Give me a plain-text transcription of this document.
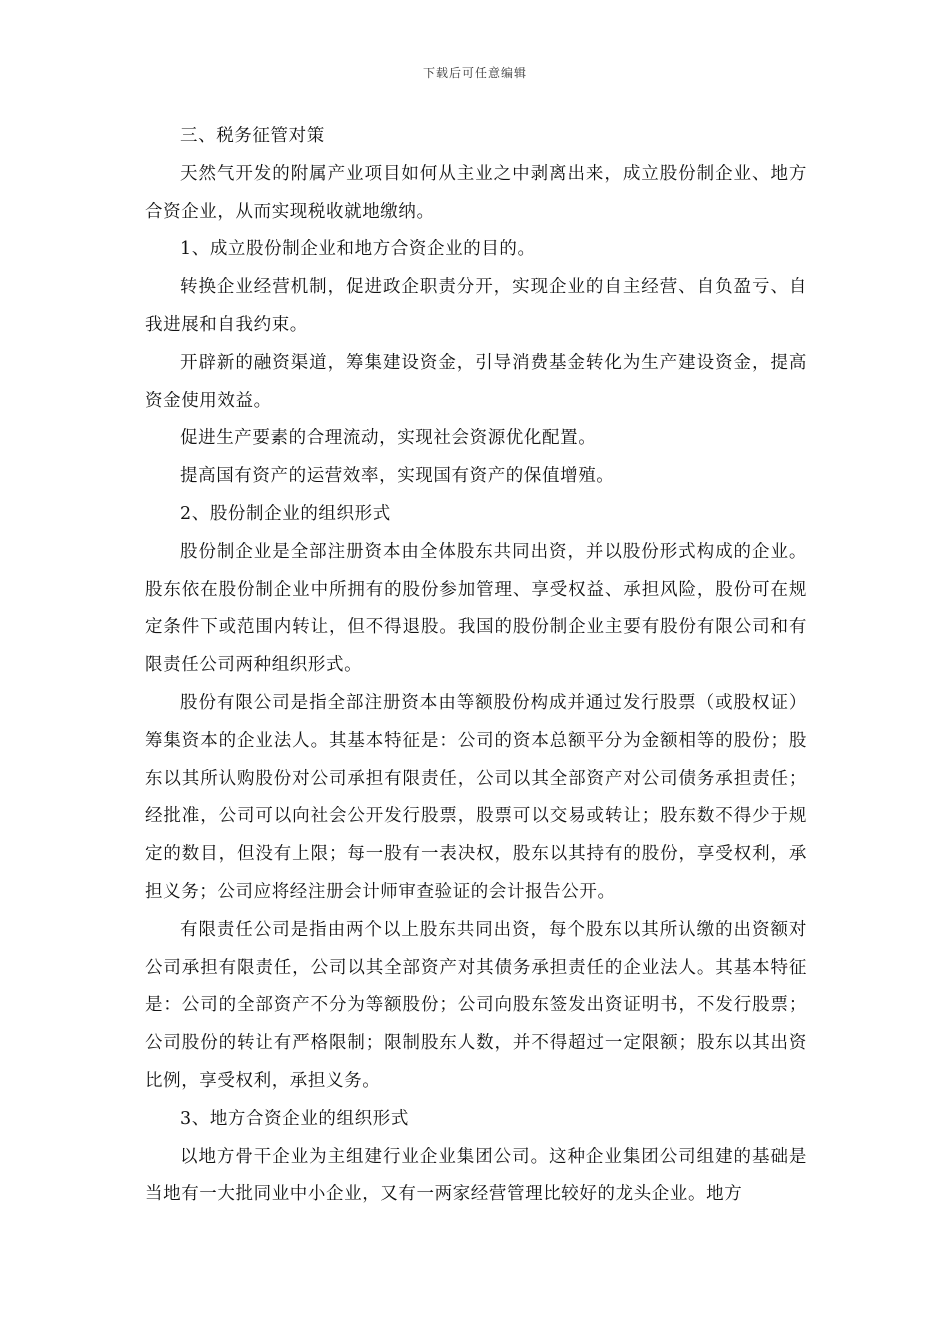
下载后可任意编辑

三、税务征管对策

天然气开发的附属产业项目如何从主业之中剥离出来，成立股份制企业、地方合资企业，从而实现税收就地缴纳。

1、成立股份制企业和地方合资企业的目的。

转换企业经营机制，促进政企职责分开，实现企业的自主经营、自负盈亏、自我进展和自我约束。

开辟新的融资渠道，筹集建设资金，引导消费基金转化为生产建设资金，提高资金使用效益。

促进生产要素的合理流动，实现社会资源优化配置。

提高国有资产的运营效率，实现国有资产的保值增殖。

2、股份制企业的组织形式

股份制企业是全部注册资本由全体股东共同出资，并以股份形式构成的企业。股东依在股份制企业中所拥有的股份参加管理、享受权益、承担风险，股份可在规定条件下或范围内转让，但不得退股。我国的股份制企业主要有股份有限公司和有限责任公司两种组织形式。

股份有限公司是指全部注册资本由等额股份构成并通过发行股票（或股权证）筹集资本的企业法人。其基本特征是：公司的资本总额平分为金额相等的股份；股东以其所认购股份对公司承担有限责任，公司以其全部资产对公司债务承担责任；经批准，公司可以向社会公开发行股票，股票可以交易或转让；股东数不得少于规定的数目，但没有上限；每一股有一表决权，股东以其持有的股份，享受权利，承担义务；公司应将经注册会计师审查验证的会计报告公开。

有限责任公司是指由两个以上股东共同出资，每个股东以其所认缴的出资额对公司承担有限责任，公司以其全部资产对其债务承担责任的企业法人。其基本特征是：公司的全部资产不分为等额股份；公司向股东签发出资证明书，不发行股票；公司股份的转让有严格限制；限制股东人数，并不得超过一定限额；股东以其出资比例，享受权利，承担义务。

3、地方合资企业的组织形式

以地方骨干企业为主组建行业企业集团公司。这种企业集团公司组建的基础是当地有一大批同业中小企业，又有一两家经营管理比较好的龙头企业。地方
